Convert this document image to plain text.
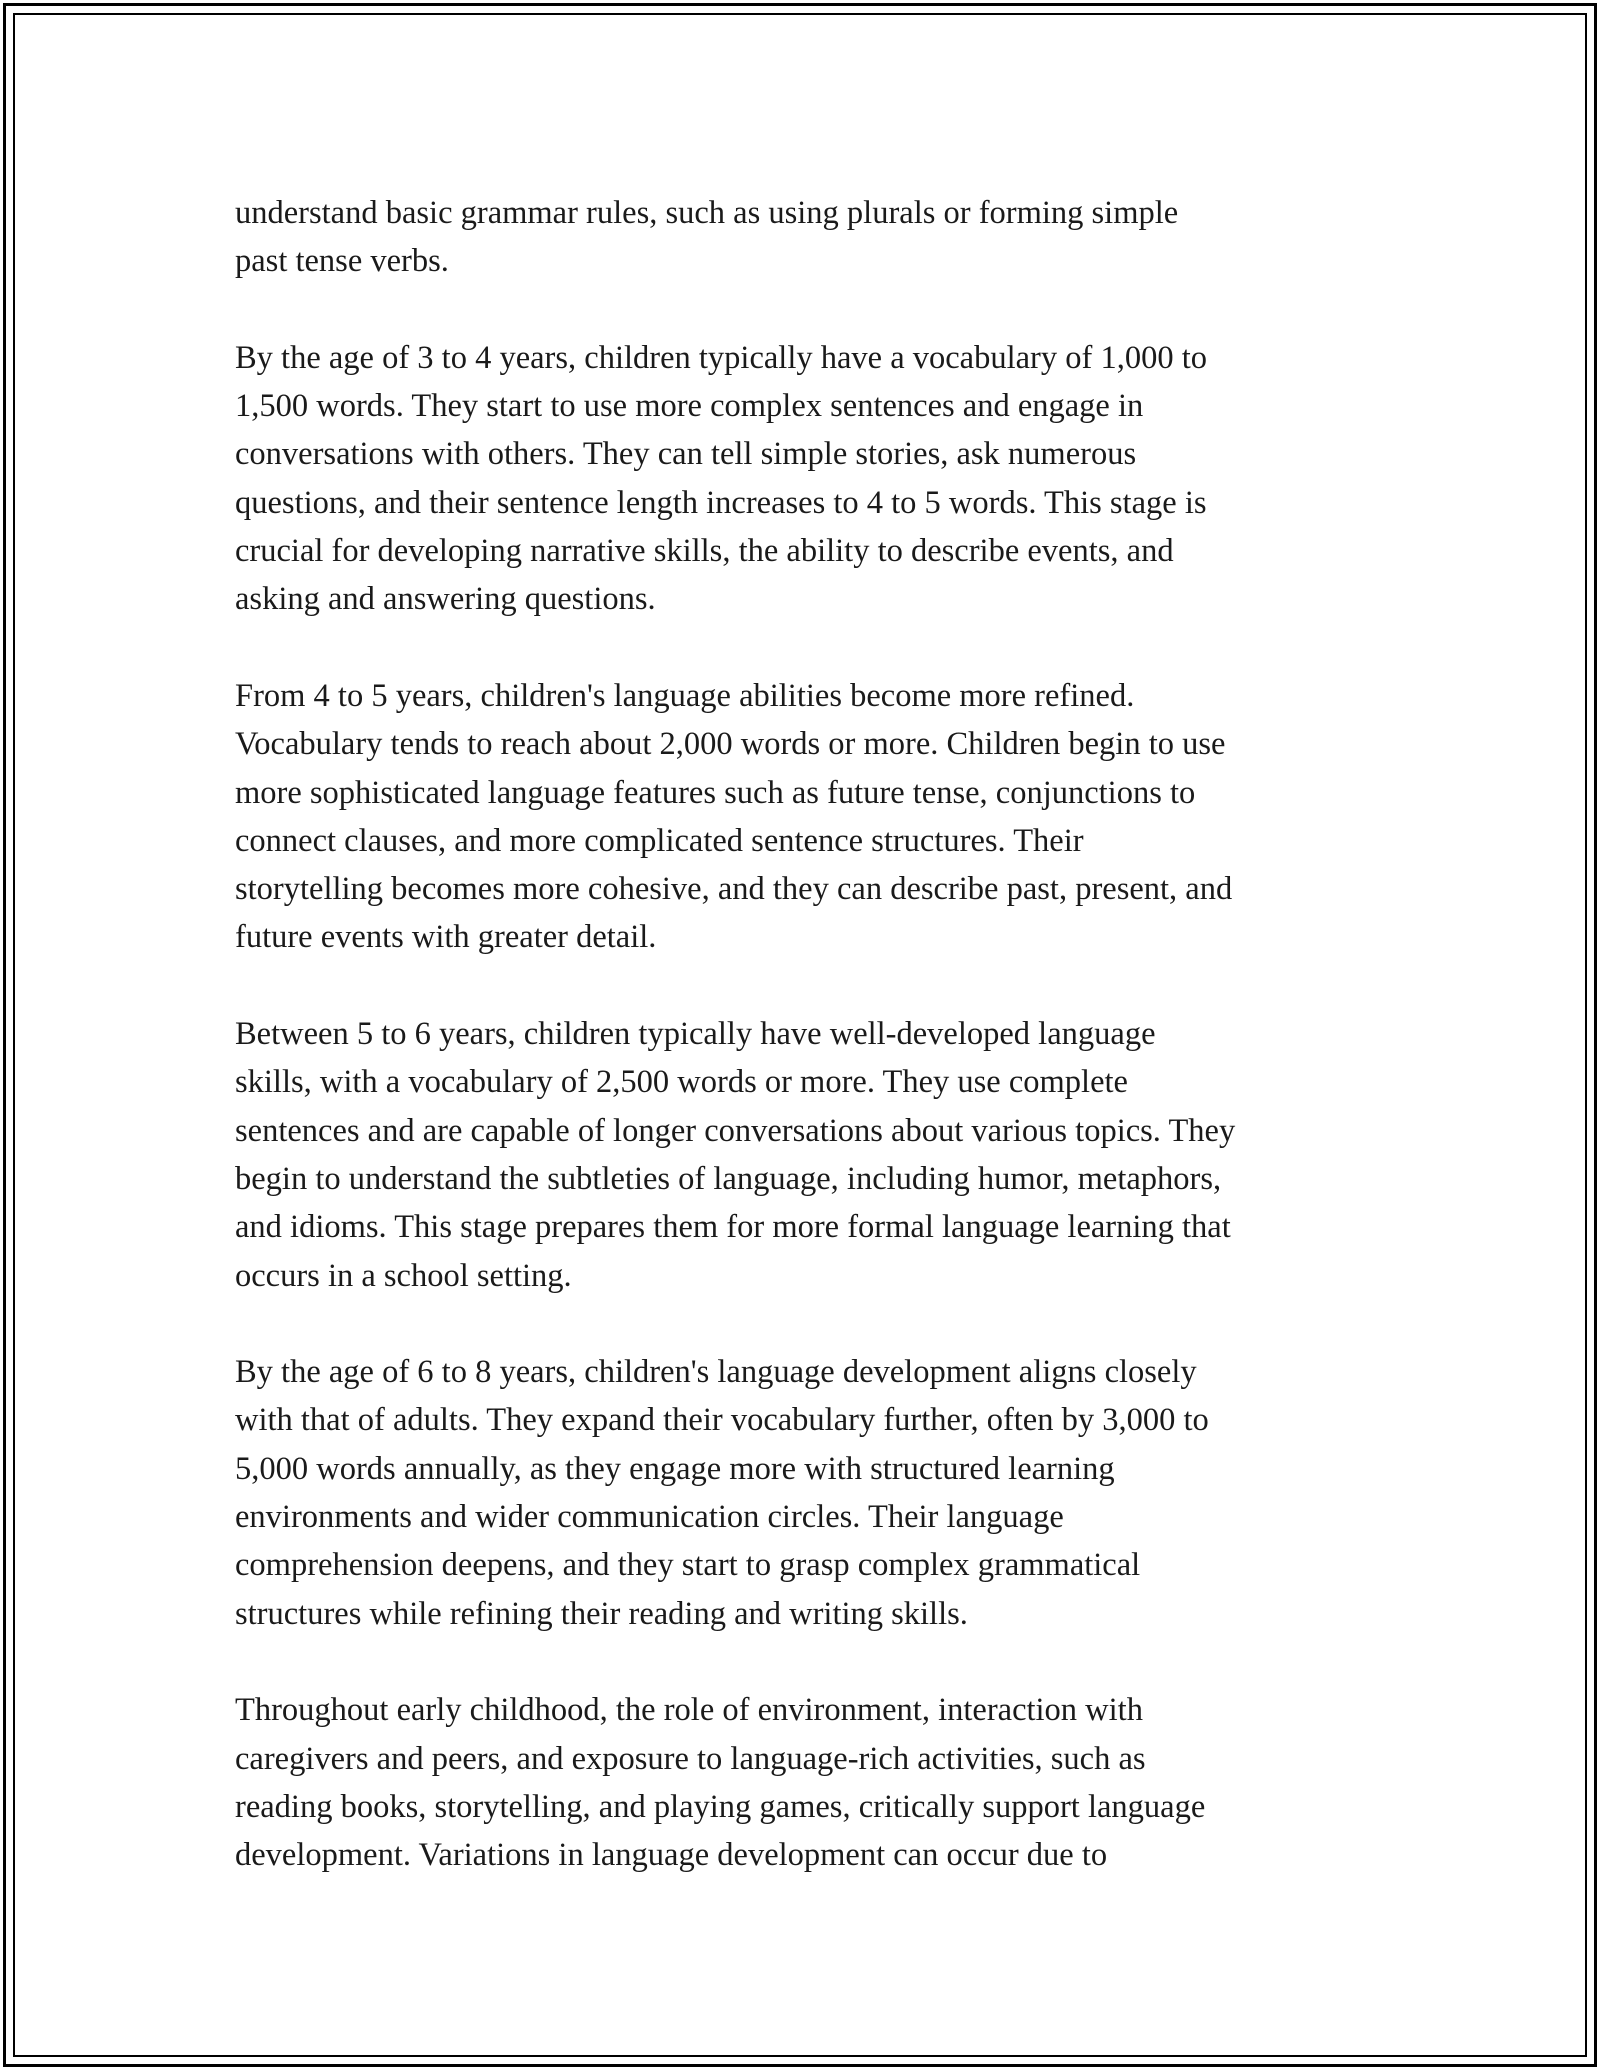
understand basic grammar rules, such as using plurals or forming simple
past tense verbs.

By the age of 3 to 4 years, children typically have a vocabulary of 1,000 to
1,500 words. They start to use more complex sentences and engage in
conversations with others. They can tell simple stories, ask numerous
questions, and their sentence length increases to 4 to 5 words. This stage is
crucial for developing narrative skills, the ability to describe events, and
asking and answering questions.

From 4 to 5 years, children's language abilities become more refined.
Vocabulary tends to reach about 2,000 words or more. Children begin to use
more sophisticated language features such as future tense, conjunctions to
connect clauses, and more complicated sentence structures. Their
storytelling becomes more cohesive, and they can describe past, present, and
future events with greater detail.

Between 5 to 6 years, children typically have well-developed language
skills, with a vocabulary of 2,500 words or more. They use complete
sentences and are capable of longer conversations about various topics. They
begin to understand the subtleties of language, including humor, metaphors,
and idioms. This stage prepares them for more formal language learning that
occurs in a school setting.

By the age of 6 to 8 years, children's language development aligns closely
with that of adults. They expand their vocabulary further, often by 3,000 to
5,000 words annually, as they engage more with structured learning
environments and wider communication circles. Their language
comprehension deepens, and they start to grasp complex grammatical
structures while refining their reading and writing skills.

Throughout early childhood, the role of environment, interaction with
caregivers and peers, and exposure to language-rich activities, such as
reading books, storytelling, and playing games, critically support language
development. Variations in language development can occur due to
